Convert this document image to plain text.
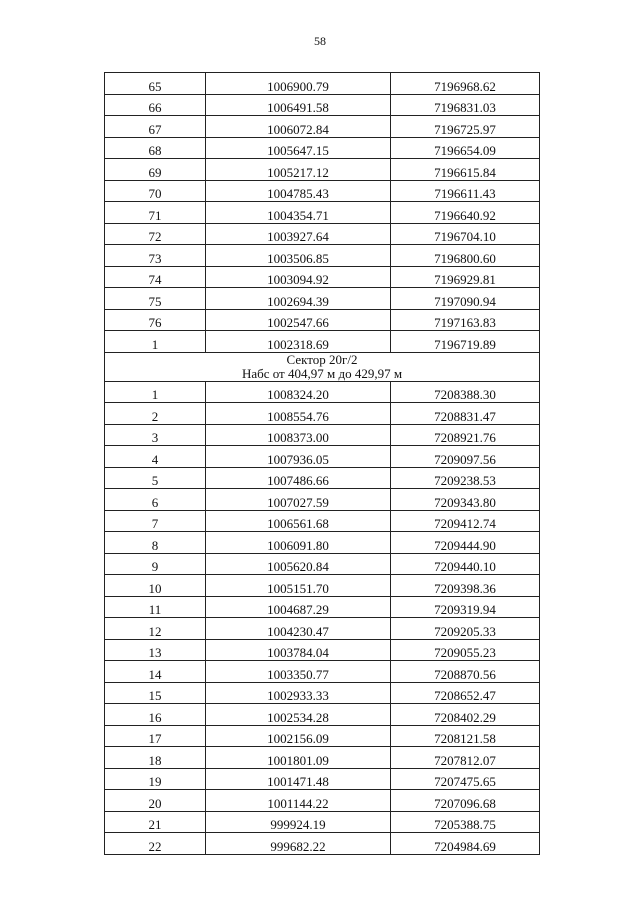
58
65	1006900.79	7196968.62
66	1006491.58	7196831.03
67	1006072.84	7196725.97
68	1005647.15	7196654.09
69	1005217.12	7196615.84
70	1004785.43	7196611.43
71	1004354.71	7196640.92
72	1003927.64	7196704.10
73	1003506.85	7196800.60
74	1003094.92	7196929.81
75	1002694.39	7197090.94
76	1002547.66	7197163.83
1	1002318.69	7196719.89

Сектор 20г/2
Набс от 404,97 м до 429,97 м		

1	1008324.20	7208388.30
2	1008554.76	7208831.47
3	1008373.00	7208921.76
4	1007936.05	7209097.56
5	1007486.66	7209238.53
6	1007027.59	7209343.80
7	1006561.68	7209412.74
8	1006091.80	7209444.90
9	1005620.84	7209440.10
10	1005151.70	7209398.36
11	1004687.29	7209319.94
12	1004230.47	7209205.33
13	1003784.04	7209055.23
14	1003350.77	7208870.56
15	1002933.33	7208652.47
16	1002534.28	7208402.29
17	1002156.09	7208121.58
18	1001801.09	7207812.07
19	1001471.48	7207475.65
20	1001144.22	7207096.68
21	999924.19	7205388.75
22	999682.22	7204984.69
